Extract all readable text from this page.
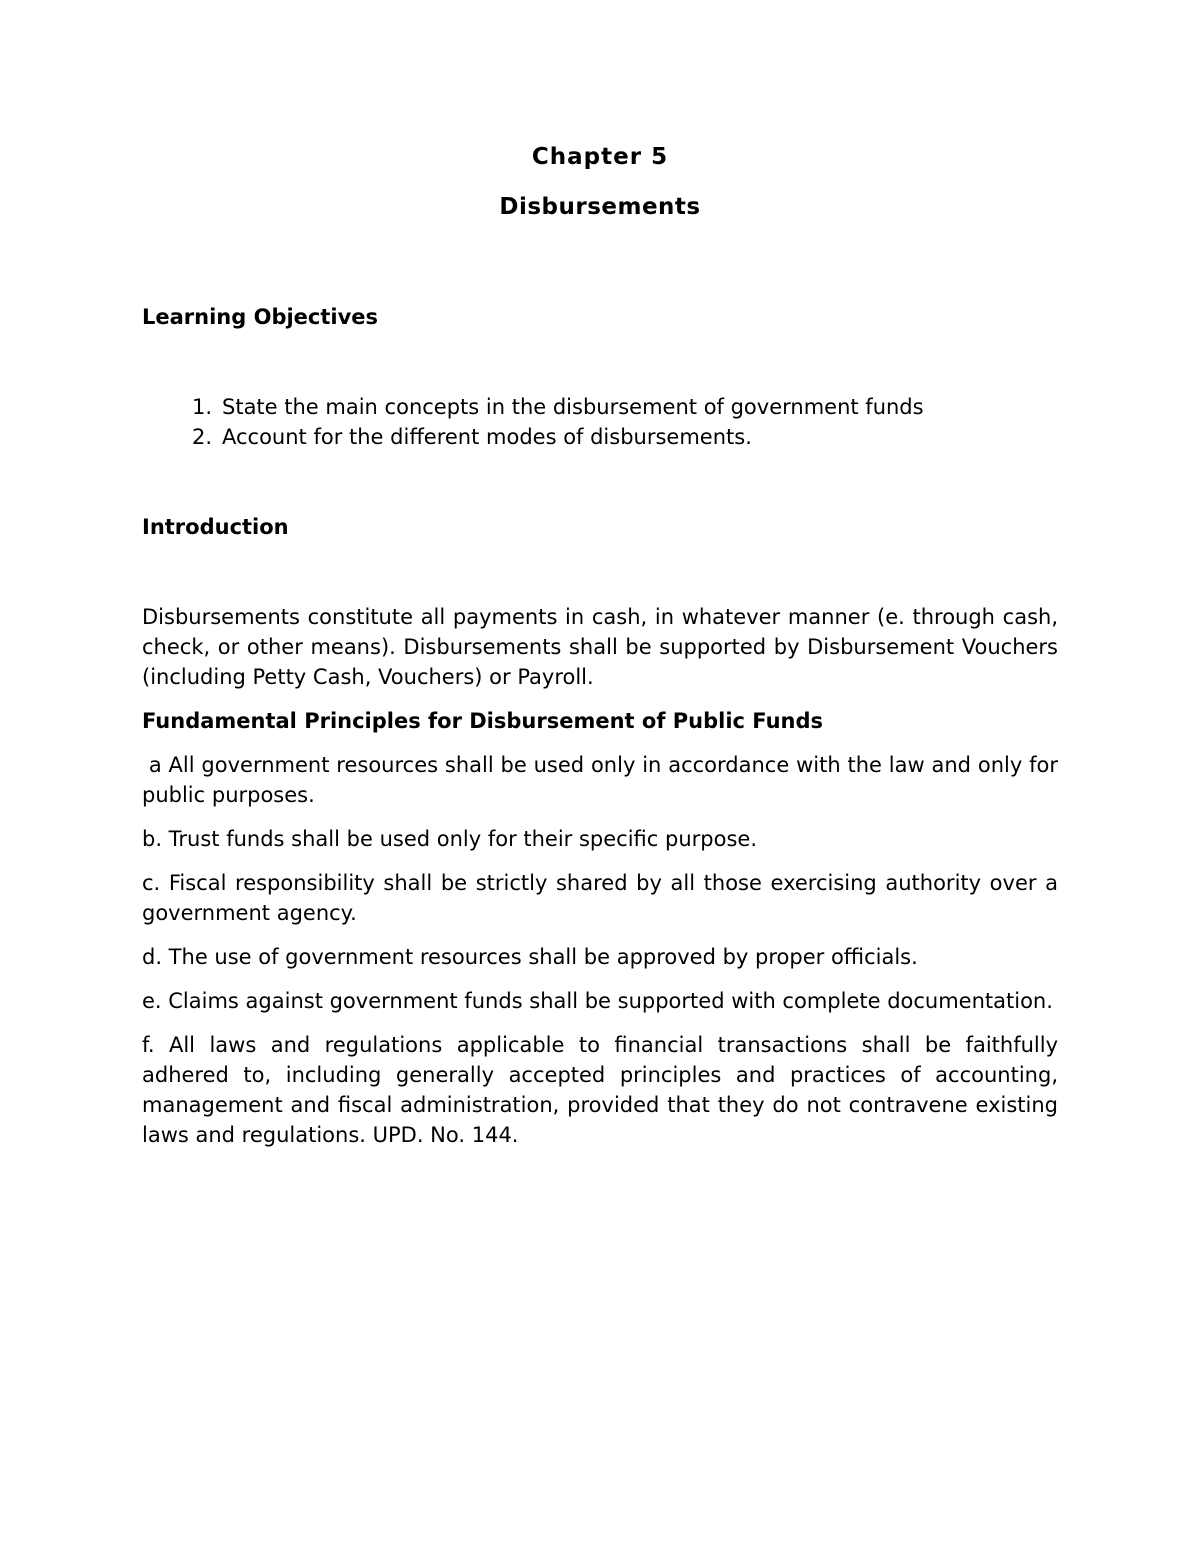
Chapter 5
Disbursements
Learning Objectives
1. State the main concepts in the disbursement of government funds
2. Account for the different modes of disbursements.
Introduction

Disbursements constitute all payments in cash, in whatever manner (e. through cash, check, or other means). Disbursements shall be supported by Disbursement Vouchers (including Petty Cash, Vouchers) or Payroll.

Fundamental Principles for Disbursement of Public Funds

a All government resources shall be used only in accordance with the law and only for public purposes.

b. Trust funds shall be used only for their specific purpose.

c. Fiscal responsibility shall be strictly shared by all those exercising authority over a government agency.

d. The use of government resources shall be approved by proper officials.

e. Claims against government funds shall be supported with complete documentation.

f. All laws and regulations applicable to financial transactions shall be faithfully adhered to, including generally accepted principles and practices of accounting, management and fiscal administration, provided that they do not contravene existing laws and regulations. UPD. No. 144.
